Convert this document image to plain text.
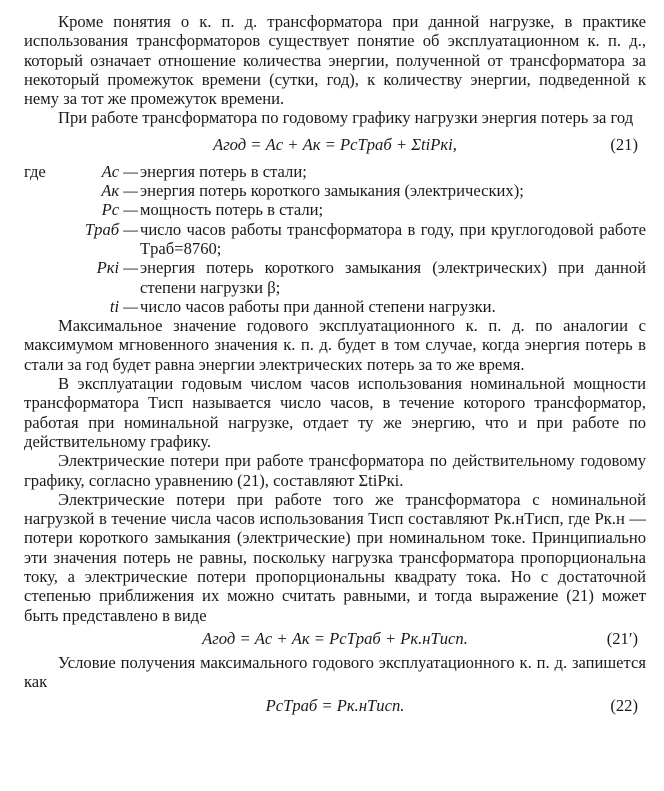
Кроме понятия о к. п. д. трансформатора при данной нагрузке, в практике использования трансформаторов существует понятие об эксплуатационном к. п. д., который означает отношение количества энергии, полученной от трансформатора за некоторый промежуток времени (сутки, год), к количеству энергии, подведенной к нему за тот же промежуток времени.

При работе трансформатора по годовому графику нагрузки энергия потерь за год

Aгод = Aс + Aк = PсTраб + ΣtiPкi,	(21)
где	Aс — энергия потерь в стали;
Aк — энергия потерь короткого замыкания (электрических);
Pс — мощность потерь в стали;
Tраб — число часов работы трансформатора в году, при круглогодовой работе Tраб=8760;
Pкi — энергия потерь короткого замыкания (электрических) при данной степени нагрузки β;
ti — число часов работы при данной степени нагрузки.

Максимальное значение годового эксплуатационного к. п. д. по аналогии с максимумом мгновенного значения к. п. д. будет в том случае, когда энергия потерь в стали за год будет равна энергии электрических потерь за то же время.

В эксплуатации годовым числом часов использования номинальной мощности трансформатора Tисп называется число часов, в течение которого трансформатор, работая при номинальной нагрузке, отдает ту же энергию, что и при работе по действительному графику.

Электрические потери при работе трансформатора по действительному годовому графику, согласно уравнению (21), составляют ΣtiPкi.

Электрические потери при работе того же трансформатора с номинальной нагрузкой в течение числа часов использования Tисп составляют Pк.нTисп, где Pк.н — потери короткого замыкания (электрические) при номинальном токе. Принципиально эти значения потерь не равны, поскольку нагрузка трансформатора пропорциональна току, а электрические потери пропорциональны квадрату тока. Но с достаточной степенью приближения их можно считать равными, и тогда выражение (21) может быть представлено в виде

Aгод = Aс + Aк = PсTраб + Pк.нTисп.	(21′)

Условие получения максимального годового эксплуатационного к. п. д. запишется как

PсTраб = Pк.нTисп.	(22)
